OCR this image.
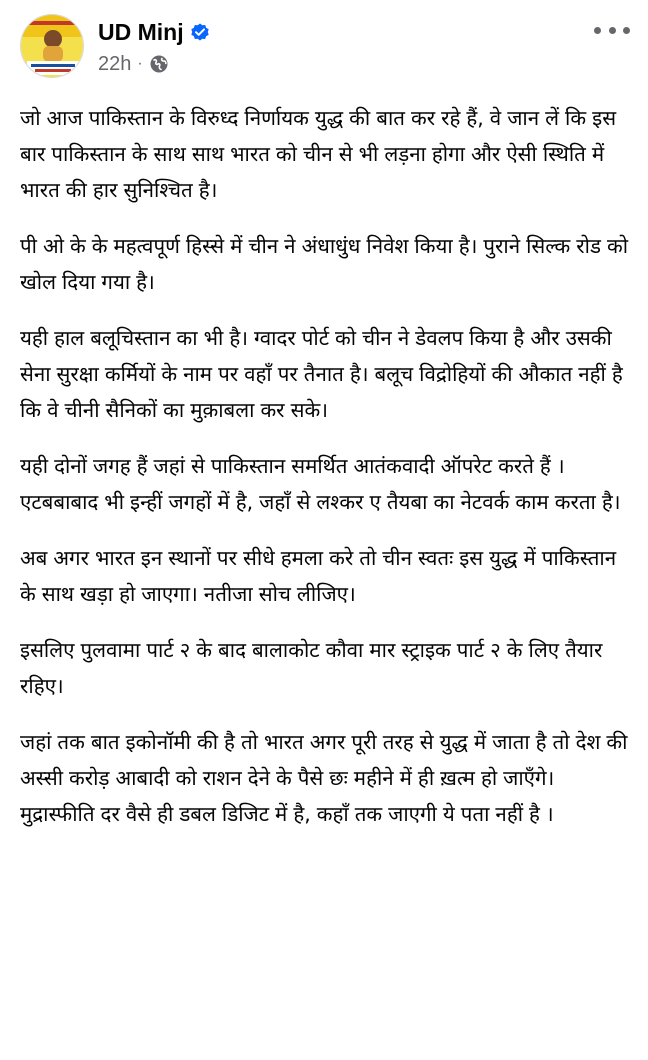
UD Minj
22h ·

जो आज पाकिस्तान के विरुध्द निर्णायक युद्ध की बात कर रहे हैं, वे जान लें कि इस बार पाकिस्तान के साथ साथ भारत को चीन से भी लड़ना होगा और ऐसी स्थिति में भारत की हार सुनिश्चित है।

पी ओ के के महत्वपूर्ण हिस्से में चीन ने अंधाधुंध निवेश किया है। पुराने सिल्क रोड को खोल दिया गया है।

यही हाल बलूचिस्तान का भी है। ग्वादर पोर्ट को चीन ने डेवलप किया है और उसकी सेना सुरक्षा कर्मियों के नाम पर वहाँ पर तैनात है। बलूच विद्रोहियों की औकात नहीं है कि वे चीनी सैनिकों का मुक़ाबला कर सके।

यही दोनों जगह हैं जहां से पाकिस्तान समर्थित आतंकवादी ऑपरेट करते हैं । एटबबाबाद भी इन्हीं जगहों में है, जहाँ से लश्कर ए तैयबा का नेटवर्क काम करता है।

अब अगर भारत इन स्थानों पर सीधे हमला करे तो चीन स्वतः इस युद्ध में पाकिस्तान के साथ खड़ा हो जाएगा। नतीजा सोच लीजिए।

इसलिए पुलवामा पार्ट २ के बाद बालाकोट कौवा मार स्ट्राइक पार्ट २ के लिए तैयार रहिए।

जहां तक बात इकोनॉमी की है तो भारत अगर पूरी तरह से युद्ध में जाता है तो देश की अस्सी करोड़ आबादी को राशन देने के पैसे छः महीने में ही ख़त्म हो जाएँगे। मुद्रास्फीति दर वैसे ही डबल डिजिट में है, कहाँ तक जाएगी ये पता नहीं है ।
